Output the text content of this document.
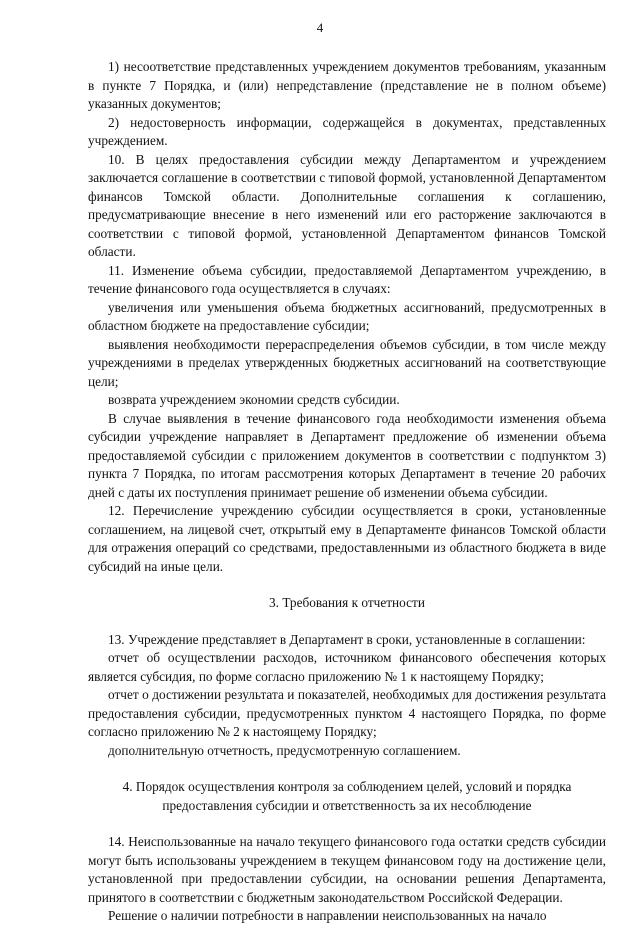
4

1) несоответствие представленных учреждением документов требованиям, указанным в пункте 7 Порядка, и (или) непредставление (представление не в полном объеме) указанных документов;

2) недостоверность информации, содержащейся в документах, представленных учреждением.

10. В целях предоставления субсидии между Департаментом и учреждением заключается соглашение в соответствии с типовой формой, установленной Департаментом финансов Томской области. Дополнительные соглашения к соглашению, предусматривающие внесение в него изменений или его расторжение заключаются в соответствии с типовой формой, установленной Департаментом финансов Томской области.

11. Изменение объема субсидии, предоставляемой Департаментом учреждению, в течение финансового года осуществляется в случаях:

увеличения или уменьшения объема бюджетных ассигнований, предусмотренных в областном бюджете на предоставление субсидии;

выявления необходимости перераспределения объемов субсидии, в том числе между учреждениями в пределах утвержденных бюджетных ассигнований на соответствующие цели;

возврата учреждением экономии средств субсидии.

В случае выявления в течение финансового года необходимости изменения объема субсидии учреждение направляет в Департамент предложение об изменении объема предоставляемой субсидии с приложением документов в соответствии с подпунктом 3) пункта 7 Порядка, по итогам рассмотрения которых Департамент в течение 20 рабочих дней с даты их поступления принимает решение об изменении объема субсидии.

12. Перечисление учреждению субсидии осуществляется в сроки, установленные соглашением, на лицевой счет, открытый ему в Департаменте финансов Томской области для отражения операций со средствами, предоставленными из областного бюджета в виде субсидий на иные цели.

3. Требования к отчетности

13. Учреждение представляет в Департамент в сроки, установленные в соглашении:

отчет об осуществлении расходов, источником финансового обеспечения которых является субсидия, по форме согласно приложению № 1 к настоящему Порядку;

отчет о достижении результата и показателей, необходимых для достижения результата предоставления субсидии, предусмотренных пунктом 4 настоящего Порядка, по форме согласно приложению № 2 к настоящему Порядку;

дополнительную отчетность, предусмотренную соглашением.

4. Порядок осуществления контроля за соблюдением целей, условий и порядка

предоставления субсидии и ответственность за их несоблюдение

14. Неиспользованные на начало текущего финансового года остатки средств субсидии могут быть использованы учреждением в текущем финансовом году на достижение цели, установленной при предоставлении субсидии, на основании решения Департамента, принятого в соответствии с бюджетным законодательством Российской Федерации.

Решение о наличии потребности в направлении неиспользованных на начало
